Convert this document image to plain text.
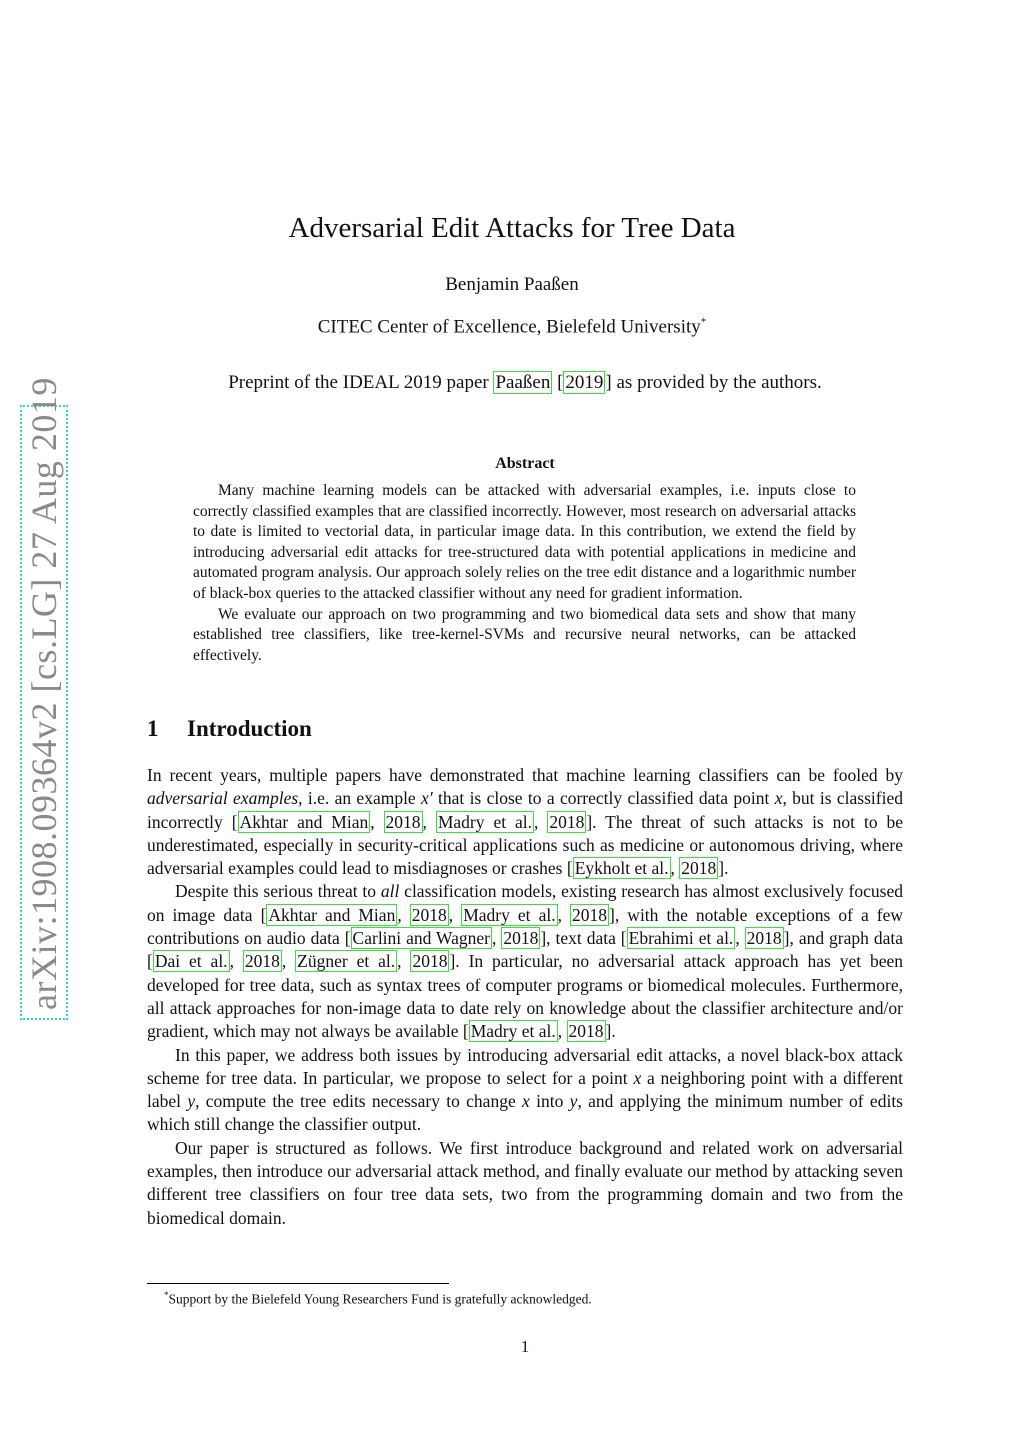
arXiv:1908.09364v2 [cs.LG] 27 Aug 2019
Adversarial Edit Attacks for Tree Data
Benjamin Paaßen
CITEC Center of Excellence, Bielefeld University*
Preprint of the IDEAL 2019 paper Paaßen [ 2019 ] as provided by the authors.
Abstract

Many machine learning models can be attacked with adversarial examples, i.e. inputs close to correctly classified examples that are classified incorrectly. However, most research on adversarial attacks to date is limited to vectorial data, in particular image data. In this contribution, we extend the field by introducing adversarial edit attacks for tree-structured data with potential applications in medicine and automated program analysis. Our approach solely relies on the tree edit distance and a logarithmic number of black-box queries to the attacked classifier without any need for gradient information.

We evaluate our approach on two programming and two biomedical data sets and show that many established tree classifiers, like tree-kernel-SVMs and recursive neural networks, can be attacked effectively.

1 Introduction

In recent years, multiple papers have demonstrated that machine learning classifiers can be fooled by adversarial examples, i.e. an example x′ that is close to a correctly classified data point x, but is classified incorrectly [ Akhtar and Mian , 2018 , Madry et al. , 2018 ]. The threat of such attacks is not to be underestimated, especially in security-critical applications such as medicine or autonomous driving, where adversarial examples could lead to misdiagnoses or crashes [ Eykholt et al. , 2018 ].

Despite this serious threat to all classification models, existing research has almost exclusively focused on image data [ Akhtar and Mian , 2018 , Madry et al. , 2018 ], with the notable exceptions of a few contributions on audio data [ Carlini and Wagner , 2018 ], text data [ Ebrahimi et al. , 2018 ], and graph data [ Dai et al. , 2018 , Zügner et al. , 2018 ]. In particular, no adversarial attack approach has yet been developed for tree data, such as syntax trees of computer programs or biomedical molecules. Furthermore, all attack approaches for non-image data to date rely on knowledge about the classifier architecture and/or gradient, which may not always be available [ Madry et al. , 2018 ].

In this paper, we address both issues by introducing adversarial edit attacks, a novel black-box attack scheme for tree data. In particular, we propose to select for a point x a neighboring point with a different label y, compute the tree edits necessary to change x into y, and applying the minimum number of edits which still change the classifier output.

Our paper is structured as follows. We first introduce background and related work on adversarial examples, then introduce our adversarial attack method, and finally evaluate our method by attacking seven different tree classifiers on four tree data sets, two from the programming domain and two from the biomedical domain.

*Support by the Bielefeld Young Researchers Fund is gratefully acknowledged.
1
